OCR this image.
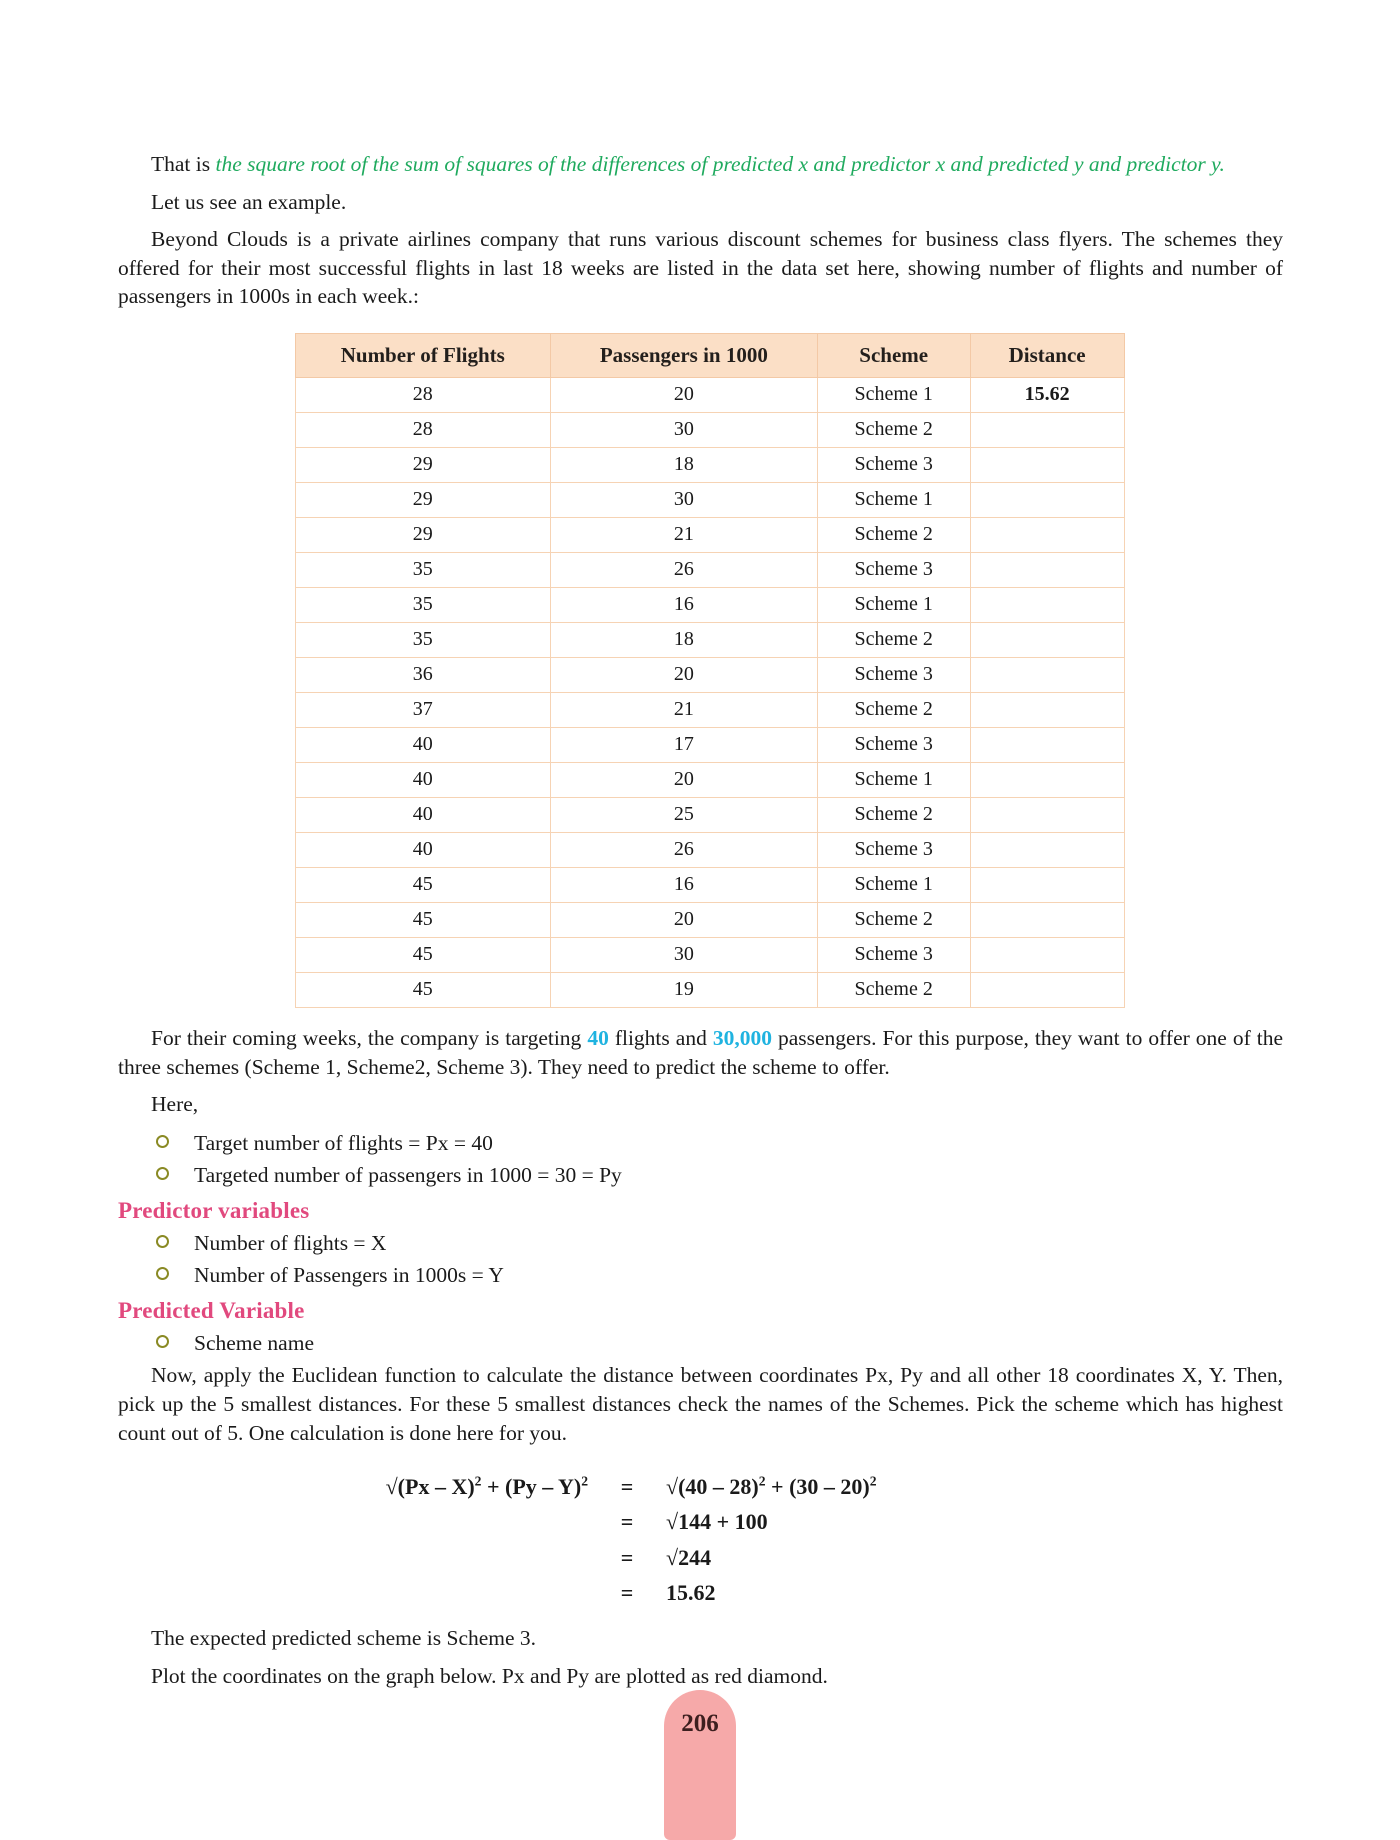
That is the square root of the sum of squares of the differences of predicted x and predictor x and predicted y and predictor y.

Let us see an example.

Beyond Clouds is a private airlines company that runs various discount schemes for business class flyers. The schemes they offered for their most successful flights in last 18 weeks are listed in the data set here, showing number of flights and number of passengers in 1000s in each week.:

Number of Flights	Passengers in 1000	Scheme	Distance
28	20	Scheme 1	15.62
28	30	Scheme 2	
29	18	Scheme 3	
29	30	Scheme 1	
29	21	Scheme 2	
35	26	Scheme 3	
35	16	Scheme 1	
35	18	Scheme 2	
36	20	Scheme 3	
37	21	Scheme 2	
40	17	Scheme 3	
40	20	Scheme 1	
40	25	Scheme 2	
40	26	Scheme 3	
45	16	Scheme 1	
45	20	Scheme 2	
45	30	Scheme 3	
45	19	Scheme 2	

For their coming weeks, the company is targeting 40 flights and 30,000 passengers. For this purpose, they want to offer one of the three schemes (Scheme 1, Scheme2, Scheme 3). They need to predict the scheme to offer.

Here,

Target number of flights = Px = 40
Targeted number of passengers in 1000 = 30 = Py
Predictor variables
Number of flights = X
Number of Passengers in 1000s = Y
Predicted Variable
Scheme name

Now, apply the Euclidean function to calculate the distance between coordinates Px, Py and all other 18 coordinates X, Y. Then, pick up the 5 smallest distances. For these 5 smallest distances check the names of the Schemes. Pick the scheme which has highest count out of 5. One calculation is done here for you.

√(Px – X)$^2$ + (Py – Y)$^2$	=	√(40 – 28)$^2$ + (30 – 20)$^2$
=	√144 + 100
=	√244
=	15.62

The expected predicted scheme is Scheme 3.

Plot the coordinates on the graph below. Px and Py are plotted as red diamond.

206
